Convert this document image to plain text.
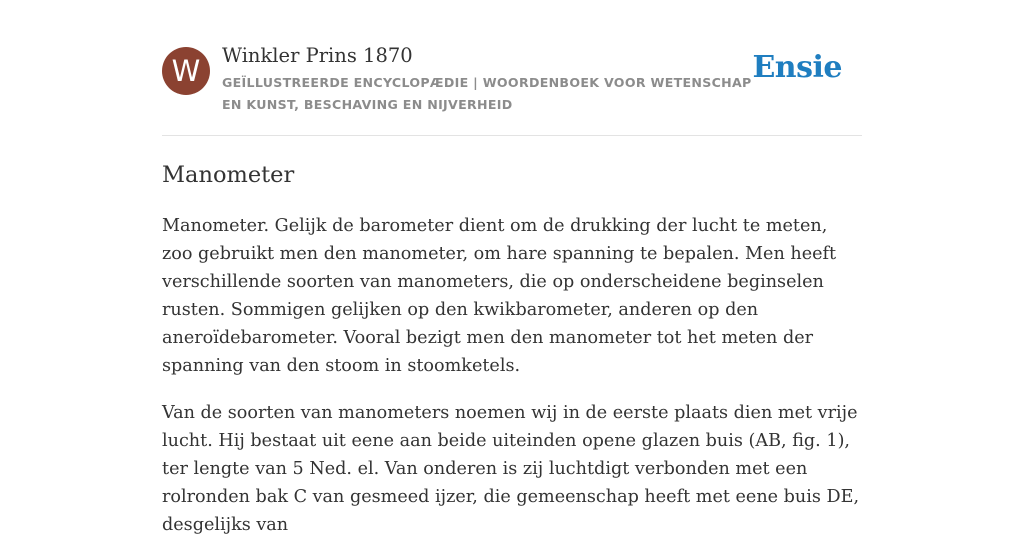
W	Winkler Prins 1870
GEÏLLUSTREERDE ENCYCLOPÆDIE | WOORDENBOEK VOOR WETENSCHAP EN KUNST, BESCHAVING EN NIJVERHEID
Ensie
Manometer

Manometer. Gelijk de barometer dient om de drukking der lucht te meten, zoo gebruikt men den manometer, om hare spanning te bepalen. Men heeft verschillende soorten van manometers, die op onderscheidene beginselen rusten. Sommigen gelijken op den kwikbarometer, anderen op den aneroïdebarometer. Vooral bezigt men den manometer tot het meten der spanning van den stoom in stoomketels.

Van de soorten van manometers noemen wij in de eerste plaats dien met vrije lucht. Hij bestaat uit eene aan beide uiteinden opene glazen buis (AB, fig. 1), ter lengte van 5 Ned. el. Van onderen is zij luchtdigt verbonden met een rolronden bak C van gesmeed ijzer, die gemeenschap heeft met eene buis DE, desgelijks van
